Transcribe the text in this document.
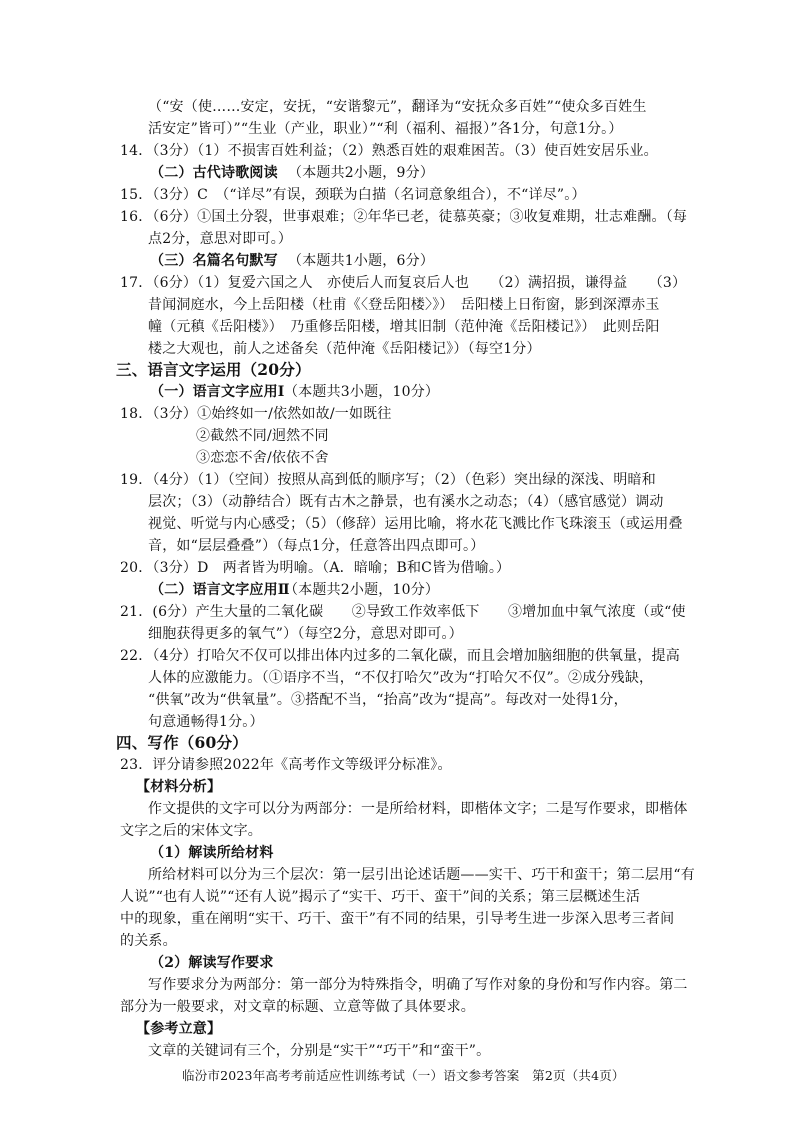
（“安（使……安定，安抚，“安谐黎元”，翻译为“安抚众多百姓”“使众多百姓生
活安定”皆可）”“生业（产业，职业）”“利（福利、福报）”各1分，句意1分。）
14．（3分）（1）不损害百姓利益；（2）熟悉百姓的艰难困苦。（3）使百姓安居乐业。
（二）古代诗歌阅读 （本题共2小题，9分）
15．（3分）C　（“详尽”有误，颈联为白描（名词意象组合），不“详尽”。）
16．（6分）①国土分裂，世事艰难；②年华已老，徒慕英豪；③收复难期，壮志难酬。（每
点2分，意思对即可。）
（三）名篇名句默写 （本题共1小题，6分）
17．（6分）（1）复爱六国之人　亦使后人而复哀后人也　　（2）满招损，谦得益　　（3）
昔闻洞庭水，今上岳阳楼（杜甫《〈登岳阳楼〉》）　岳阳楼上日衔窗，影到深潭赤玉
幢（元稹《岳阳楼》）　乃重修岳阳楼，增其旧制（范仲淹《岳阳楼记》）　此则岳阳
楼之大观也，前人之述备矣（范仲淹《岳阳楼记》）（每空1分）
三、语言文字运用（20分）
（一）语言文字应用Ⅰ （本题共3小题，10分）
18．（3分）①始终如一/依然如故/一如既往
②截然不同/迥然不同
③恋恋不舍/依依不舍
19．（4分）（1）（空间）按照从高到低的顺序写；（2）（色彩）突出绿的深浅、明暗和
层次；（3）（动静结合）既有古木之静景，也有溪水之动态；（4）（感官感觉）调动
视觉、听觉与内心感受；（5）（修辞）运用比喻，将水花飞溅比作飞珠滚玉（或运用叠
音，如“层层叠叠”）（每点1分，任意答出四点即可。）
20．（3分）D　两者皆为明喻。（A．暗喻；B和C皆为借喻。）
（二）语言文字应用Ⅱ
（本题共2小题，10分）
21．(6分）产生大量的二氧化碳　　②导致工作效率低下　　③增加血中氧气浓度（或“使
细胞获得更多的氧气”）（每空2分，意思对即可。）
22．（4分）打哈欠不仅可以排出体内过多的二氧化碳，而且会增加脑细胞的供氧量，提高
人体的应激能力。（①语序不当，“不仅打哈欠”改为“打哈欠不仅”。②成分残缺，
“供氧”改为“供氧量”。③搭配不当，“抬高”改为“提高”。每改对一处得1分，
句意通畅得1分。）
四、写作（60分）
23．评分请参照2022年《高考作文等级评分标准》。
【材料分析】
作文提供的文字可以分为两部分：一是所给材料，即楷体文字；二是写作要求，即楷体
文字之后的宋体文字。
（1）解读所给材料
所给材料可以分为三个层次：第一层引出论述话题——实干、巧干和蛮干；第二层用“有
人说”“也有人说”“还有人说”揭示了“实干、巧干、蛮干”间的关系；第三层概述生活
中的现象，重在阐明“实干、巧干、蛮干”有不同的结果，引导考生进一步深入思考三者间
的关系。
（2）解读写作要求
写作要求分为两部分：第一部分为特殊指令，明确了写作对象的身份和写作内容。第二
部分为一般要求，对文章的标题、立意等做了具体要求。
【参考立意】
文章的关键词有三个，分别是“实干”“巧干”和“蛮干”。
临汾市2023年高考考前适应性训练考试（一）语文参考答案　第2页（共4页）
